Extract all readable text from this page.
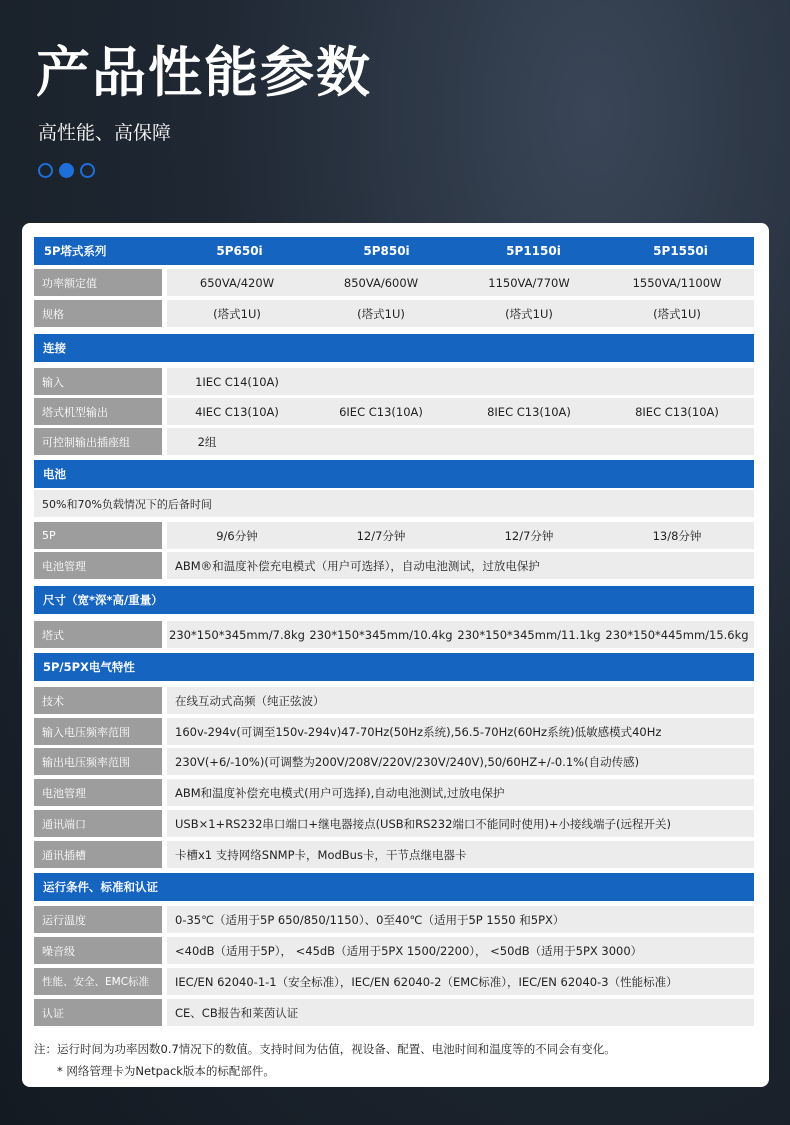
产品性能参数
高性能、高保障
5P塔式系列	5P650i	5P850i	5P1150i	5P1550i
功率额定值	650VA/420W	850VA/600W	1150VA/770W	1550VA/1100W
规格	(塔式1U)	(塔式1U)	(塔式1U)	(塔式1U)
连接
输入	1IEC C14(10A)
塔式机型输出	4IEC C13(10A)	6IEC C13(10A)	8IEC C13(10A)	8IEC C13(10A)
可控制输出插座组	2组
电池
50%和70%负载情况下的后备时间
5P	9/6分钟	12/7分钟	12/7分钟	13/8分钟
电池管理	ABM®和温度补偿充电模式（用户可选择），自动电池测试，过放电保护
尺寸（宽*深*高/重量）
塔式	230*150*345mm/7.8kg 230*150*345mm/10.4kg 230*150*345mm/11.1kg 230*150*445mm/15.6kg
5P/5PX电气特性
技术	在线互动式高频（纯正弦波）
输入电压频率范围	160v-294v(可调至150v-294v)47-70Hz(50Hz系统),56.5-70Hz(60Hz系统)低敏感模式40Hz
输出电压频率范围	230V(+6/-10%)(可调整为200V/208V/220V/230V/240V),50/60HZ+/-0.1%(自动传感)
电池管理	ABM和温度补偿充电模式(用户可选择),自动电池测试,过放电保护
通讯端口	USB×1+RS232串口端口+继电器接点(USB和RS232端口不能同时使用)+小接线端子(远程开关)
通讯插槽	卡槽x1 支持网络SNMP卡，ModBus卡，干节点继电器卡
运行条件、标准和认证
运行温度	0-35℃（适用于5P 650/850/1150）、0至40℃（适用于5P 1550 和5PX）
噪音级	<40dB（适用于5P）， <45dB（适用于5PX 1500/2200）， <50dB（适用于5PX 3000）
性能、安全、EMC标准	IEC/EN 62040-1-1（安全标准），IEC/EN 62040-2（EMC标准），IEC/EN 62040-3（性能标准）
认证	CE、CB报告和莱茵认证
注：运行时间为功率因数0.7情况下的数值。支持时间为估值，视设备、配置、电池时间和温度等的不同会有变化。
* 网络管理卡为Netpack版本的标配部件。
